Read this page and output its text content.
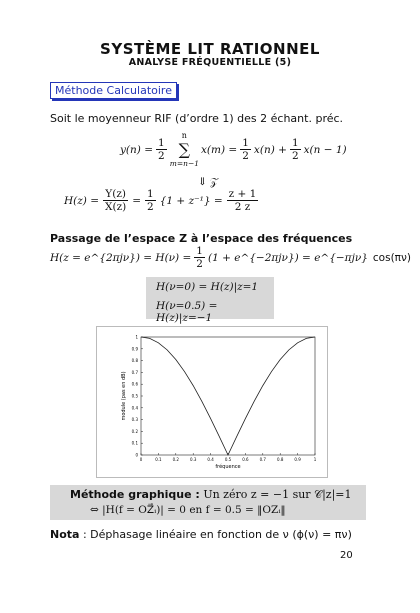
SYSTÈME LIT RATIONNEL
ANALYSE FRÉQUENTIELLE (5)
Méthode Calculatoire
Soit le moyenneur RIF (d’ordre 1) des 2 échant. préc.
$y(n) = \frac{1}{2}$
n
∑
m=n−1
$x(m) = \frac{1}{2} x(n) + \frac{1}{2} x(n - 1)$
⇓ 𝒵
$H(z) = \frac{Y(z)}{X(z)} = \frac{1}{2} \{1 + z^{-1}\} = \frac{z + 1}{2 z}$
Passage de l’espace Z à l’espace des fréquences
H(z = e^{2πjν}) = $H(\nu) = \frac{1}{2} (1$ + e^{−2πjν}) = e^{−πjν} cos(πν)
H(ν=0) = H(z)|z=1
H(ν=0.5) = H(z)|z=−1
0	0.1	0.2	0.3	0.4	0.5	0.6	0.7	0.8	0.9	1
0
0.1
0.2
0.3
0.4
0.5
0.6
0.7
0.8
0.9
1
fréquence
module (pas en dB)
Méthode graphique : Un zéro z = −1 sur 𝒞|z|=1
⇔ |H(f = OZ⃗ᵢ)| = 0 en f = 0.5 = ‖OZᵢ‖
Nota : Déphasage linéaire en fonction de ν (ϕ(ν) = πν)
20
